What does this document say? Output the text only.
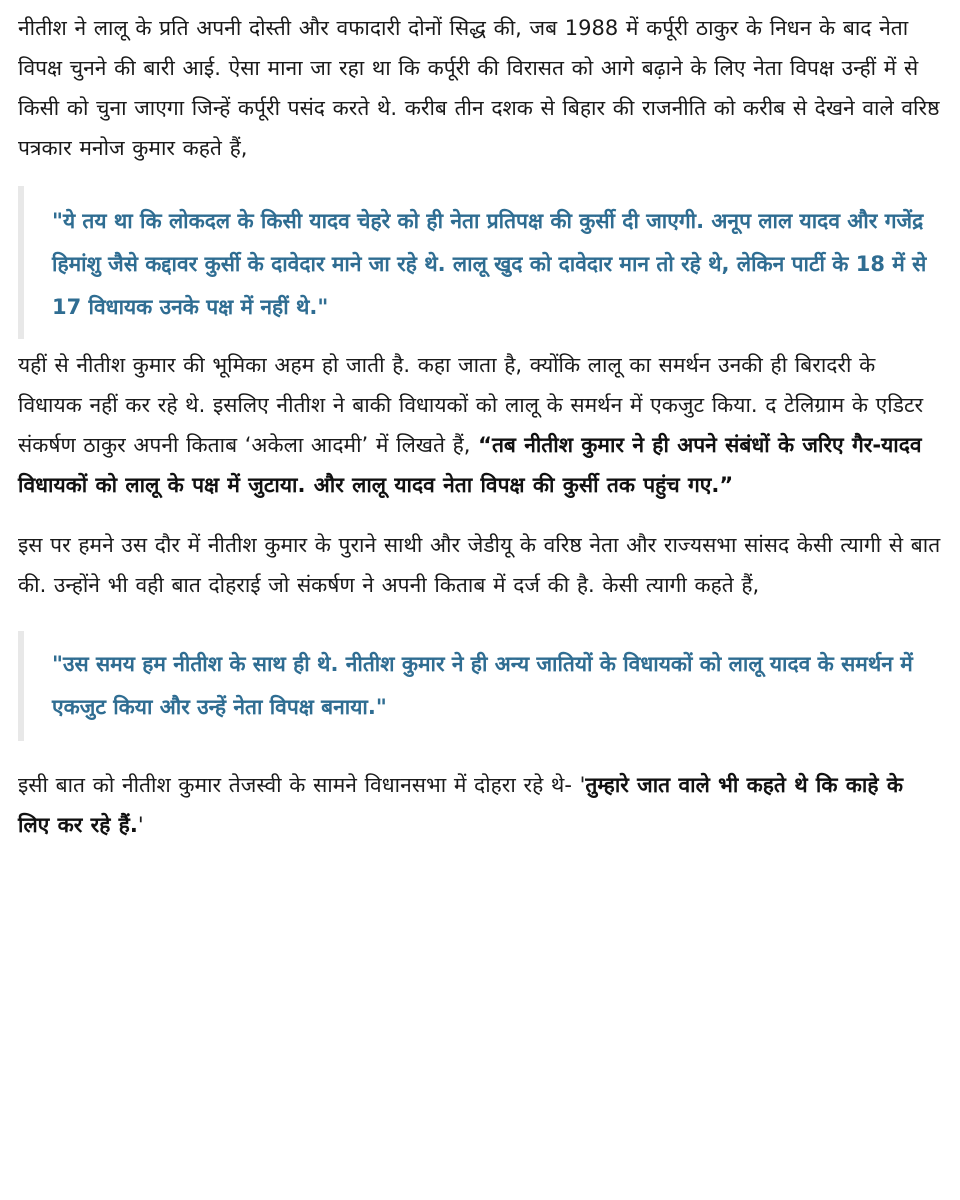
नीतीश ने लालू के प्रति अपनी दोस्ती और वफादारी दोनों सिद्ध की, जब 1988 में कर्पूरी ठाकुर के निधन के बाद नेता विपक्ष चुनने की बारी आई. ऐसा माना जा रहा था कि कर्पूरी की विरासत को आगे बढ़ाने के लिए नेता विपक्ष उन्हीं में से किसी को चुना जाएगा जिन्हें कर्पूरी पसंद करते थे. करीब तीन दशक से बिहार की राजनीति को करीब से देखने वाले वरिष्ठ पत्रकार मनोज कुमार कहते हैं,

"ये तय था कि लोकदल के किसी यादव चेहरे को ही नेता प्रतिपक्ष की कुर्सी दी जाएगी. अनूप लाल यादव और गजेंद्र हिमांशु जैसे कद्दावर कुर्सी के दावेदार माने जा रहे थे. लालू खुद को दावेदार मान तो रहे थे, लेकिन पार्टी के 18 में से 17 विधायक उनके पक्ष में नहीं थे."

यहीं से नीतीश कुमार की भूमिका अहम हो जाती है. कहा जाता है, क्योंकि लालू का समर्थन उनकी ही बिरादरी के विधायक नहीं कर रहे थे. इसलिए नीतीश ने बाकी विधायकों को लालू के समर्थन में एकजुट किया. द टेलिग्राम के एडिटर संकर्षण ठाकुर अपनी किताब ‘अकेला आदमी’ में लिखते हैं, “तब नीतीश कुमार ने ही अपने संबंधों के जरिए गैर-यादव विधायकों को लालू के पक्ष में जुटाया. और लालू यादव नेता विपक्ष की कुर्सी तक पहुंच गए.”

इस पर हमने उस दौर में नीतीश कुमार के पुराने साथी और जेडीयू के वरिष्ठ नेता और राज्यसभा सांसद केसी त्यागी से बात की. उन्होंने भी वही बात दोहराई जो संकर्षण ने अपनी किताब में दर्ज की है. केसी त्यागी कहते हैं,

"उस समय हम नीतीश के साथ ही थे. नीतीश कुमार ने ही अन्य जातियों के विधायकों को लालू यादव के समर्थन में एकजुट किया और उन्हें नेता विपक्ष बनाया."

इसी बात को नीतीश कुमार तेजस्वी के सामने विधानसभा में दोहरा रहे थे- 'तुम्हारे जात वाले भी कहते थे कि काहे के लिए कर रहे हैं.'
